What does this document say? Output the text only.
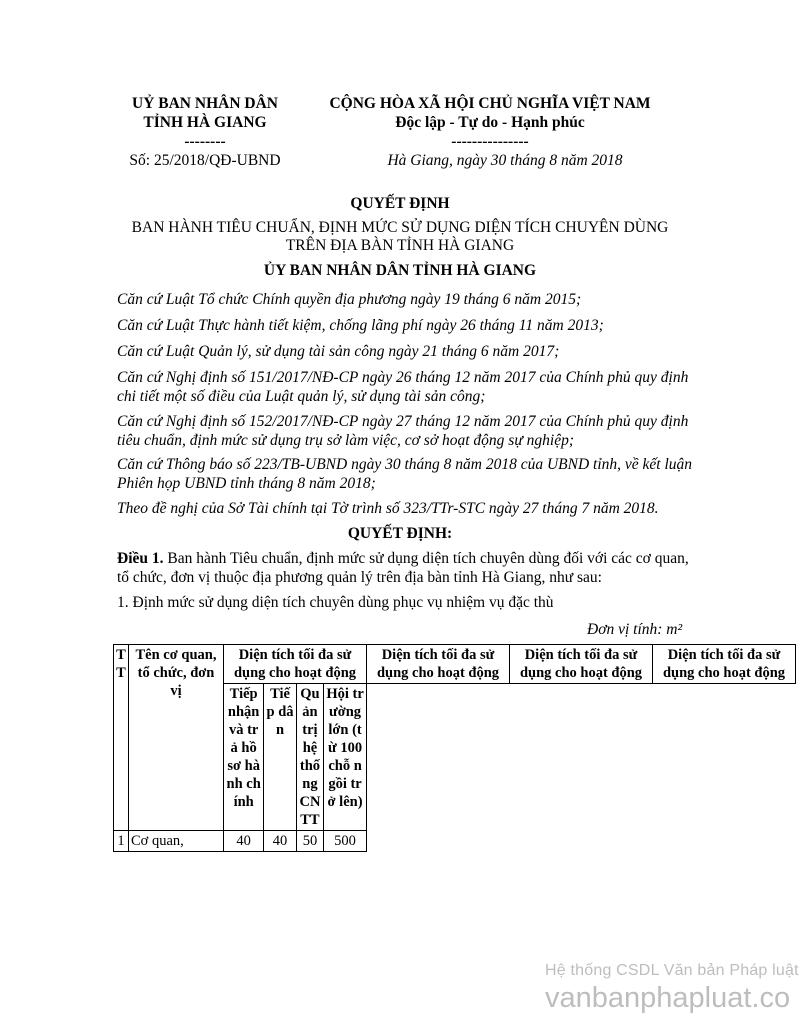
UỶ BAN NHÂN DÂN
TỈNH HÀ GIANG
--------
Số: 25/2018/QĐ-UBND
CỘNG HÒA XÃ HỘI CHỦ NGHĨA VIỆT NAM
Độc lập - Tự do - Hạnh phúc
---------------
Hà Giang, ngày 30 tháng 8 năm 2018
QUYẾT ĐỊNH
BAN HÀNH TIÊU CHUẨN, ĐỊNH MỨC SỬ DỤNG DIỆN TÍCH CHUYÊN DÙNG
TRÊN ĐỊA BÀN TỈNH HÀ GIANG
ỦY BAN NHÂN DÂN TỈNH HÀ GIANG
Căn cứ Luật Tổ chức Chính quyền địa phương ngày 19 tháng 6 năm 2015;
Căn cứ Luật Thực hành tiết kiệm, chống lãng phí ngày 26 tháng 11 năm 2013;
Căn cứ Luật Quản lý, sử dụng tài sản công ngày 21 tháng 6 năm 2017;
Căn cứ Nghị định số 151/2017/NĐ-CP ngày 26 tháng 12 năm 2017 của Chính phủ quy định chi tiết một số điều của Luật quản lý, sử dụng tài sản công;
Căn cứ Nghị định số 152/2017/NĐ-CP ngày 27 tháng 12 năm 2017 của Chính phủ quy định tiêu chuẩn, định mức sử dụng trụ sở làm việc, cơ sở hoạt động sự nghiệp;
Căn cứ Thông báo số 223/TB-UBND ngày 30 tháng 8 năm 2018 của UBND tỉnh, về kết luận Phiên họp UBND tỉnh tháng 8 năm 2018;
Theo đề nghị của Sở Tài chính tại Tờ trình số 323/TTr-STC ngày 27 tháng 7 năm 2018.
QUYẾT ĐỊNH:
Điều 1. Ban hành Tiêu chuẩn, định mức sử dụng diện tích chuyên dùng đối với các cơ quan, tổ chức, đơn vị thuộc địa phương quản lý trên địa bàn tỉnh Hà Giang, như sau:
1. Định mức sử dụng diện tích chuyên dùng phục vụ nhiệm vụ đặc thù
Đơn vị tính: m²
TT	Tên cơ quan, tổ chức, đơn vị	Diện tích tối đa sử dụng cho hoạt động				Diện tích tối đa sử dụng cho hoạt động	Diện tích tối đa sử dụng cho hoạt động	Diện tích tối đa sử dụng cho hoạt động
		Tiếp nhận và trả hồ sơ hành chính	Tiếp dân	Quản trị hệ thống CNTT	Hội trường lớn (từ 100 chỗ ngồi trở lên)			
1	Cơ quan,	40	40	50	500			
Hệ thống CSDL Văn bản Pháp luật
vanbanphapluat.co
